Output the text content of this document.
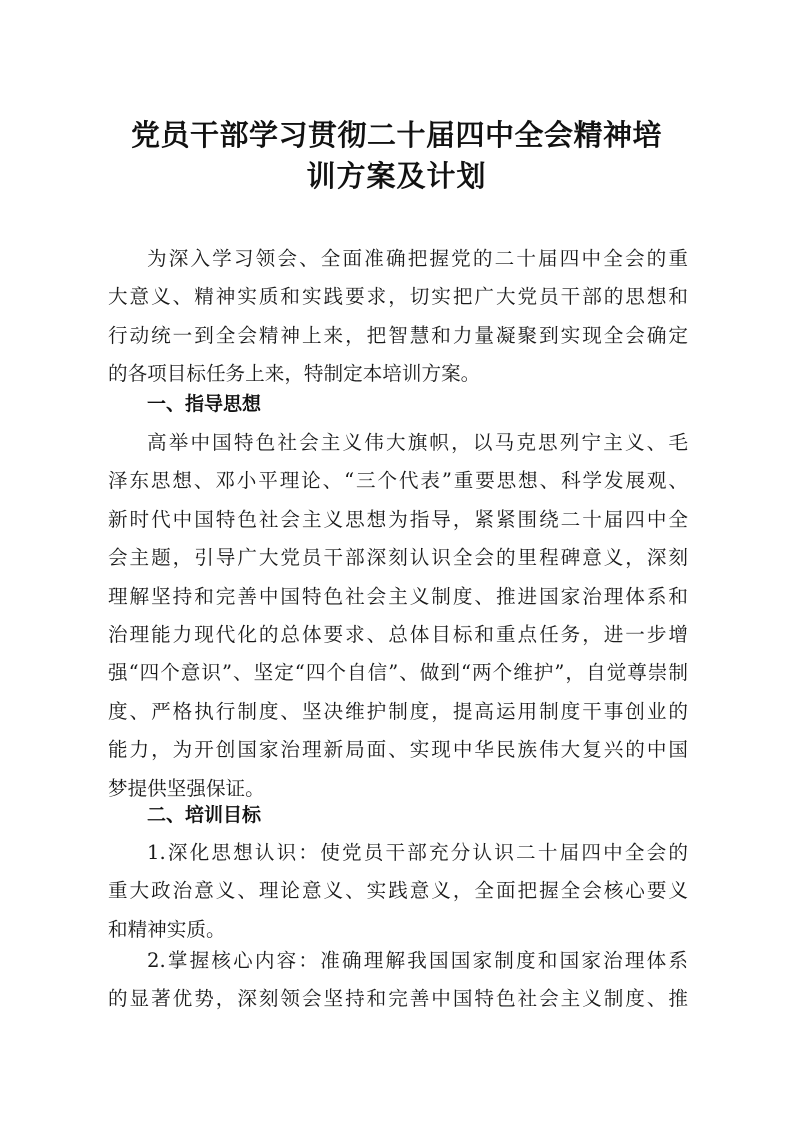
党员干部学习贯彻二十届四中全会精神培
训方案及计划
为深入学习领会、全面准确把握党的二十届四中全会的重
大意义、精神实质和实践要求，切实把广大党员干部的思想和
行动统一到全会精神上来，把智慧和力量凝聚到实现全会确定
的各项目标任务上来，特制定本培训方案。
一、指导思想
高举中国特色社会主义伟大旗帜，以马克思列宁主义、毛
泽东思想、邓小平理论、“三个代表”重要思想、科学发展观、
新时代中国特色社会主义思想为指导，紧紧围绕二十届四中全
会主题，引导广大党员干部深刻认识全会的里程碑意义，深刻
理解坚持和完善中国特色社会主义制度、推进国家治理体系和
治理能力现代化的总体要求、总体目标和重点任务，进一步增
强“四个意识”、坚定“四个自信”、做到“两个维护”，自觉尊崇制
度、严格执行制度、坚决维护制度，提高运用制度干事创业的
能力，为开创国家治理新局面、实现中华民族伟大复兴的中国
梦提供坚强保证。
二、培训目标
1.深化思想认识：使党员干部充分认识二十届四中全会的
重大政治意义、理论意义、实践意义，全面把握全会核心要义
和精神实质。
2.掌握核心内容：准确理解我国国家制度和国家治理体系
的显著优势，深刻领会坚持和完善中国特色社会主义制度、推
